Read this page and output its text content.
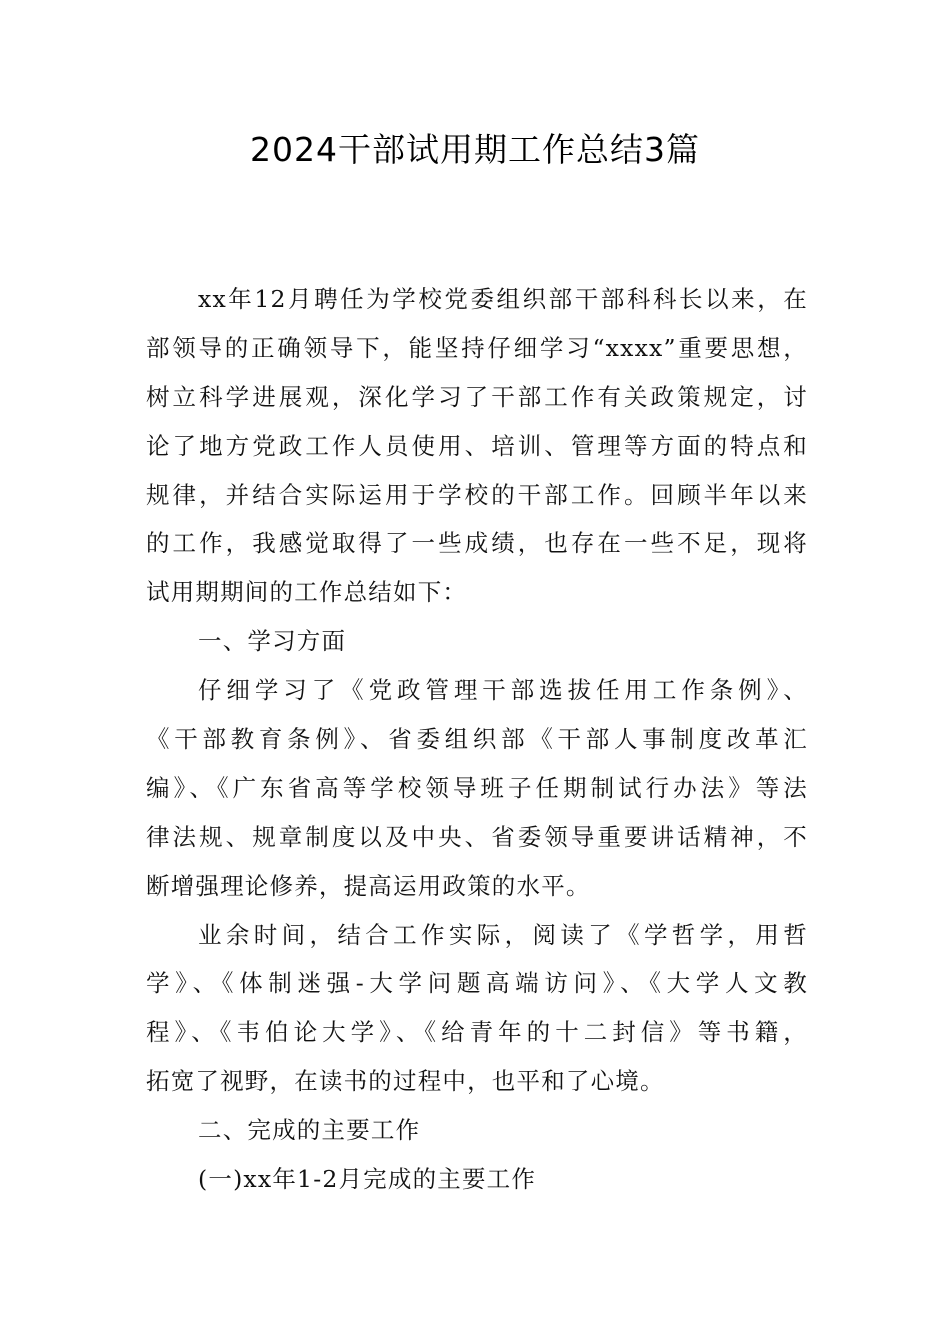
2024干部试用期工作总结3篇
xx年12月聘任为学校党委组织部干部科科长以来，在
部领导的正确领导下，能坚持仔细学习“xxxx”重要思想，
树立科学进展观，深化学习了干部工作有关政策规定，讨
论了地方党政工作人员使用、培训、管理等方面的特点和
规律，并结合实际运用于学校的干部工作。回顾半年以来
的工作，我感觉取得了一些成绩，也存在一些不足，现将
试用期期间的工作总结如下：
一、学习方面
仔细学习了《党政管理干部选拔任用工作条例》、
《干部教育条例》、省委组织部《干部人事制度改革汇
编》、《广东省高等学校领导班子任期制试行办法》等法
律法规、规章制度以及中央、省委领导重要讲话精神，不
断增强理论修养，提高运用政策的水平。
业余时间，结合工作实际，阅读了《学哲学，用哲
学》、《体制迷强-大学问题高端访问》、《大学人文教
程》、《韦伯论大学》、《给青年的十二封信》等书籍，
拓宽了视野，在读书的过程中，也平和了心境。
二、完成的主要工作
(一)xx年1-2月完成的主要工作
